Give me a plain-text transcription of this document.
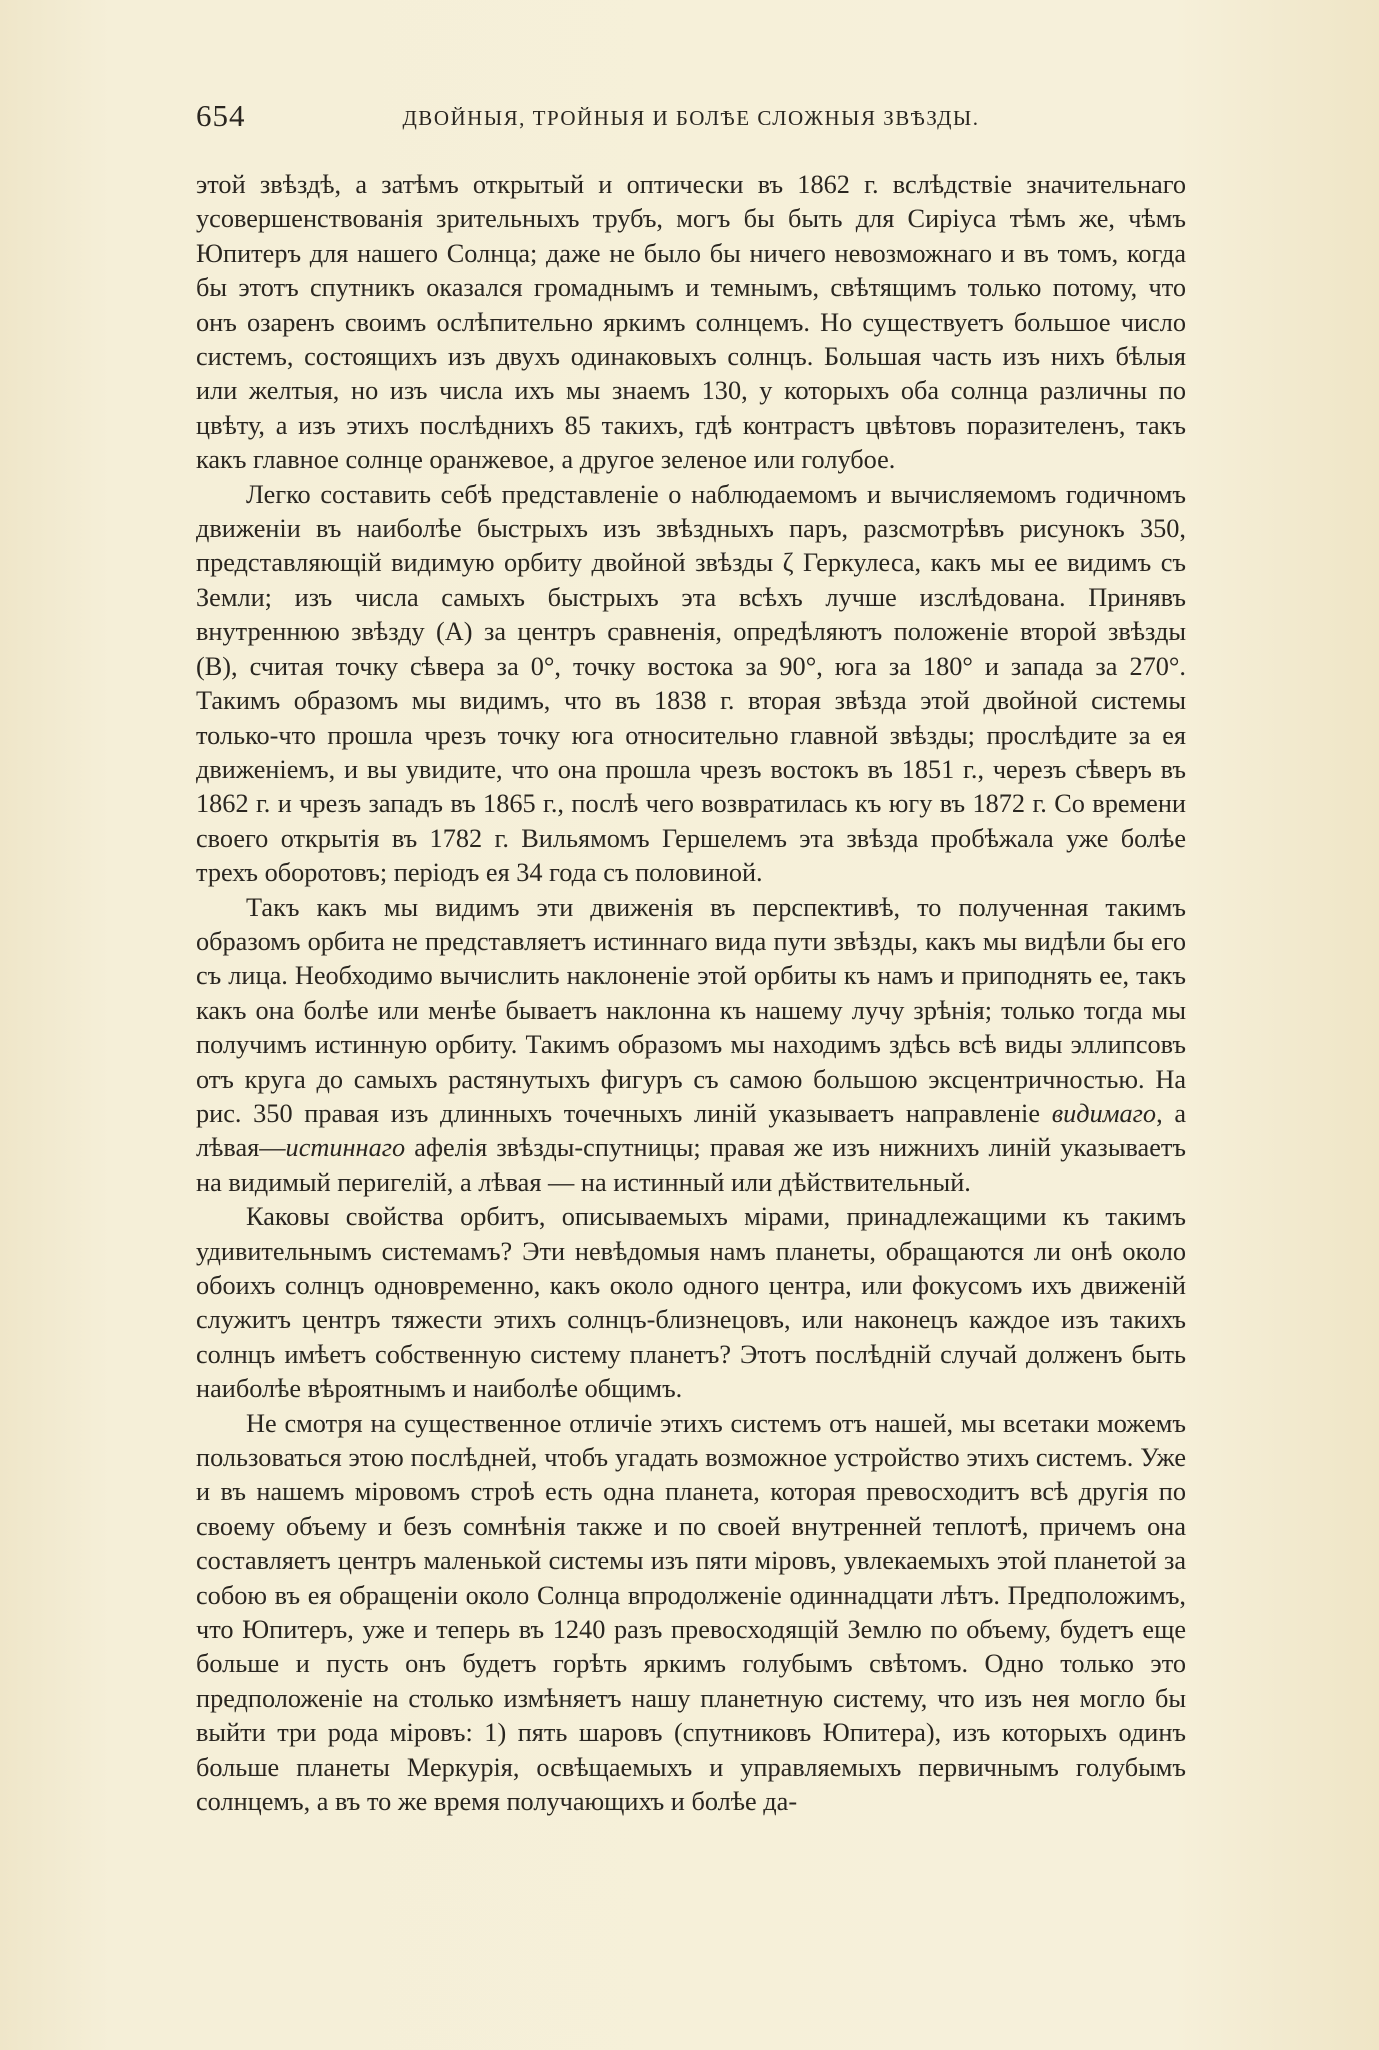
654	ДВОЙНЫЯ, ТРОЙНЫЯ И БОЛѢЕ СЛОЖНЫЯ ЗВѢЗДЫ.

этой звѣздѣ, а затѣмъ открытый и оптически въ 1862 г. вслѣдствіе значительнаго усовершенствованія зрительныхъ трубъ, могъ бы быть для Сиріуса тѣмъ же, чѣмъ Юпитеръ для нашего Солнца; даже не было бы ничего невозможнаго и въ томъ, когда бы этотъ спутникъ оказался громаднымъ и темнымъ, свѣтящимъ только потому, что онъ озаренъ своимъ ослѣпительно яркимъ солнцемъ. Но существуетъ большое число системъ, состоящихъ изъ двухъ одинаковыхъ солнцъ. Большая часть изъ нихъ бѣлыя или желтыя, но изъ числа ихъ мы знаемъ 130, у которыхъ оба солнца различны по цвѣту, а изъ этихъ послѣднихъ 85 такихъ, гдѣ контрастъ цвѣтовъ поразителенъ, такъ какъ главное солнце оранжевое, а другое зеленое или голубое.

Легко составить себѣ представленіе о наблюдаемомъ и вычисляемомъ годичномъ движеніи въ наиболѣе быстрыхъ изъ звѣздныхъ паръ, разсмотрѣвъ рисунокъ 350, представляющій видимую орбиту двойной звѣзды ζ Геркулеса, какъ мы ее видимъ съ Земли; изъ числа самыхъ быстрыхъ эта всѣхъ лучше изслѣдована. Принявъ внутреннюю звѣзду (A) за центръ сравненія, опредѣляютъ положеніе второй звѣзды (B), считая точку сѣвера за 0°, точку востока за 90°, юга за 180° и запада за 270°. Такимъ образомъ мы видимъ, что въ 1838 г. вторая звѣзда этой двойной системы только-что прошла чрезъ точку юга относительно главной звѣзды; прослѣдите за ея движеніемъ, и вы увидите, что она прошла чрезъ востокъ въ 1851 г., черезъ сѣверъ въ 1862 г. и чрезъ западъ въ 1865 г., послѣ чего возвратилась къ югу въ 1872 г. Со времени своего открытія въ 1782 г. Вильямомъ Гершелемъ эта звѣзда пробѣжала уже болѣе трехъ оборотовъ; періодъ ея 34 года съ половиной.

Такъ какъ мы видимъ эти движенія въ перспективѣ, то полученная такимъ образомъ орбита не представляетъ истиннаго вида пути звѣзды, какъ мы видѣли бы его съ лица. Необходимо вычислить наклоненіе этой орбиты къ намъ и приподнять ее, такъ какъ она болѣе или менѣе бываетъ наклонна къ нашему лучу зрѣнія; только тогда мы получимъ истинную орбиту. Такимъ образомъ мы находимъ здѣсь всѣ виды эллипсовъ отъ круга до самыхъ растянутыхъ фигуръ съ самою большою эксцентричностью. На рис. 350 правая изъ длинныхъ точечныхъ линій указываетъ направленіе видимаго, а лѣвая—истиннаго афелія звѣзды-спутницы; правая же изъ нижнихъ линій указываетъ на видимый перигелій, а лѣвая — на истинный или дѣйствительный.

Каковы свойства орбитъ, описываемыхъ мірами, принадлежащими къ такимъ удивительнымъ системамъ? Эти невѣдомыя намъ планеты, обращаются ли онѣ около обоихъ солнцъ одновременно, какъ около одного центра, или фокусомъ ихъ движеній служитъ центръ тяжести этихъ солнцъ-близнецовъ, или наконецъ каждое изъ такихъ солнцъ имѣетъ собственную систему планетъ? Этотъ послѣдній случай долженъ быть наиболѣе вѣроятнымъ и наиболѣе общимъ.

Не смотря на существенное отличіе этихъ системъ отъ нашей, мы всетаки можемъ пользоваться этою послѣдней, чтобъ угадать возможное устройство этихъ системъ. Уже и въ нашемъ міровомъ строѣ есть одна планета, которая превосходитъ всѣ другія по своему объему и безъ сомнѣнія также и по своей внутренней теплотѣ, причемъ она составляетъ центръ маленькой системы изъ пяти міровъ, увлекаемыхъ этой планетой за собою въ ея обращеніи около Солнца впродолженіе одиннадцати лѣтъ. Предположимъ, что Юпитеръ, уже и теперь въ 1240 разъ превосходящій Землю по объему, будетъ еще больше и пусть онъ будетъ горѣть яркимъ голубымъ свѣтомъ. Одно только это предположеніе на столько измѣняетъ нашу планетную систему, что изъ нея могло бы выйти три рода міровъ: 1) пять шаровъ (спутниковъ Юпитера), изъ которыхъ одинъ больше планеты Меркурія, освѣщаемыхъ и управляемыхъ первичнымъ голубымъ солнцемъ, а въ то же время получающихъ и болѣе да-
